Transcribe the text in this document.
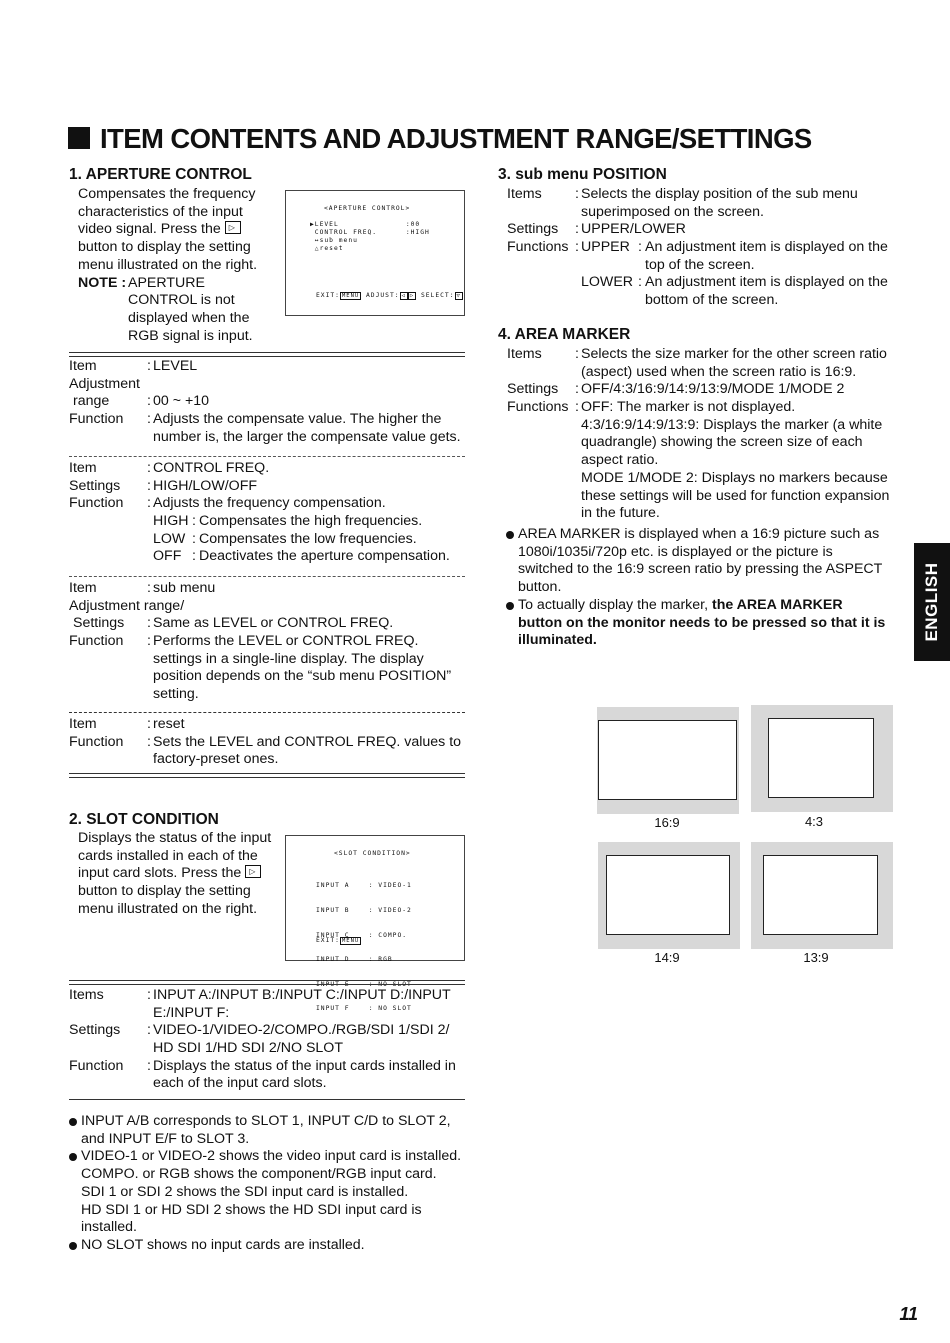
ITEM CONTENTS AND ADJUSTMENT RANGE/SETTINGS
1. APERTURE CONTROL
Compensates the frequency
characteristics of the input
video signal. Press the ▷
button to display the setting
menu illustrated on the right.
NOTE : APERTURE
CONTROL is not
displayed when the
RGB signal is input.

<APERTURE CONTROL>

▶LEVEL              :00

CONTROL FREQ.      :HIGH

↔sub menu

△reset

EXIT: MENU ADJUST: ◁ ▷ SELECT: ▽

Item	: LEVEL
Adjustment
range	: 00 ~ +10
Function : Adjusts the compensate value. The higher the
number is, the larger the compensate value gets.
Item	: CONTROL FREQ.
Settings : HIGH/LOW/OFF
Function : Adjusts the frequency compensation.
HIGH : Compensates the high frequencies.
LOW : Compensates the low frequencies.
OFF : Deactivates the aperture compensation.
Item	: sub menu
Adjustment range/
Settings : Same as LEVEL or CONTROL FREQ.
Function : Performs the LEVEL or CONTROL FREQ.
settings in a single-line display. The display
position depends on the “sub menu POSITION”
setting.
Item	: reset
Function : Sets the LEVEL and CONTROL FREQ. values to
factory-preset ones.
2. SLOT CONDITION
Displays the status of the input
cards installed in each of the
input card slots. Press the ▷
button to display the setting
menu illustrated on the right.

<SLOT CONDITION>

INPUT A    : VIDEO-1

INPUT B    : VIDEO-2

INPUT C    : COMPO.

INPUT D    : RGB

INPUT E    : NO SLOT

INPUT F    : NO SLOT

EXIT: MENU

Items	: INPUT A:/INPUT B:/INPUT C:/INPUT D:/INPUT
E:/INPUT F:
Settings : VIDEO-1/VIDEO-2/COMPO./RGB/SDI 1/SDI 2/
HD SDI 1/HD SDI 2/NO SLOT
Function : Displays the status of the input cards installed in
each of the input card slots.
INPUT A/B corresponds to SLOT 1, INPUT C/D to SLOT 2,
and INPUT E/F to SLOT 3.
VIDEO-1 or VIDEO-2 shows the video input card is installed.
COMPO. or RGB shows the component/RGB input card.
SDI 1 or SDI 2 shows the SDI input card is installed.
HD SDI 1 or HD SDI 2 shows the HD SDI input card is
installed.
NO SLOT shows no input cards are installed.
3. sub menu POSITION
Items : Selects the display position of the sub menu
superimposed on the screen.
Settings : UPPER/LOWER
Functions : UPPER : An adjustment item is displayed on the
top of the screen.
LOWER : An adjustment item is displayed on the
bottom of the screen.
4. AREA MARKER
Items : Selects the size marker for the other screen ratio
(aspect) used when the screen ratio is 16:9.
Settings : OFF/4:3/16:9/14:9/13:9/MODE 1/MODE 2
Functions : OFF: The marker is not displayed.
4:3/16:9/14:9/13:9: Displays the marker (a white
quadrangle) showing the screen size of each
aspect ratio.
MODE 1/MODE 2: Displays no markers because
these settings will be used for function expansion
in the future.
AREA MARKER is displayed when a 16:9 picture such as
1080i/1035i/720p etc. is displayed or the picture is
switched to the 16:9 screen ratio by pressing the ASPECT
button.
To actually display the marker, the AREA MARKER
button on the monitor needs to be pressed so that it is
illuminated.
16:9	4:3
14:9	13:9
ENGLISH
11
